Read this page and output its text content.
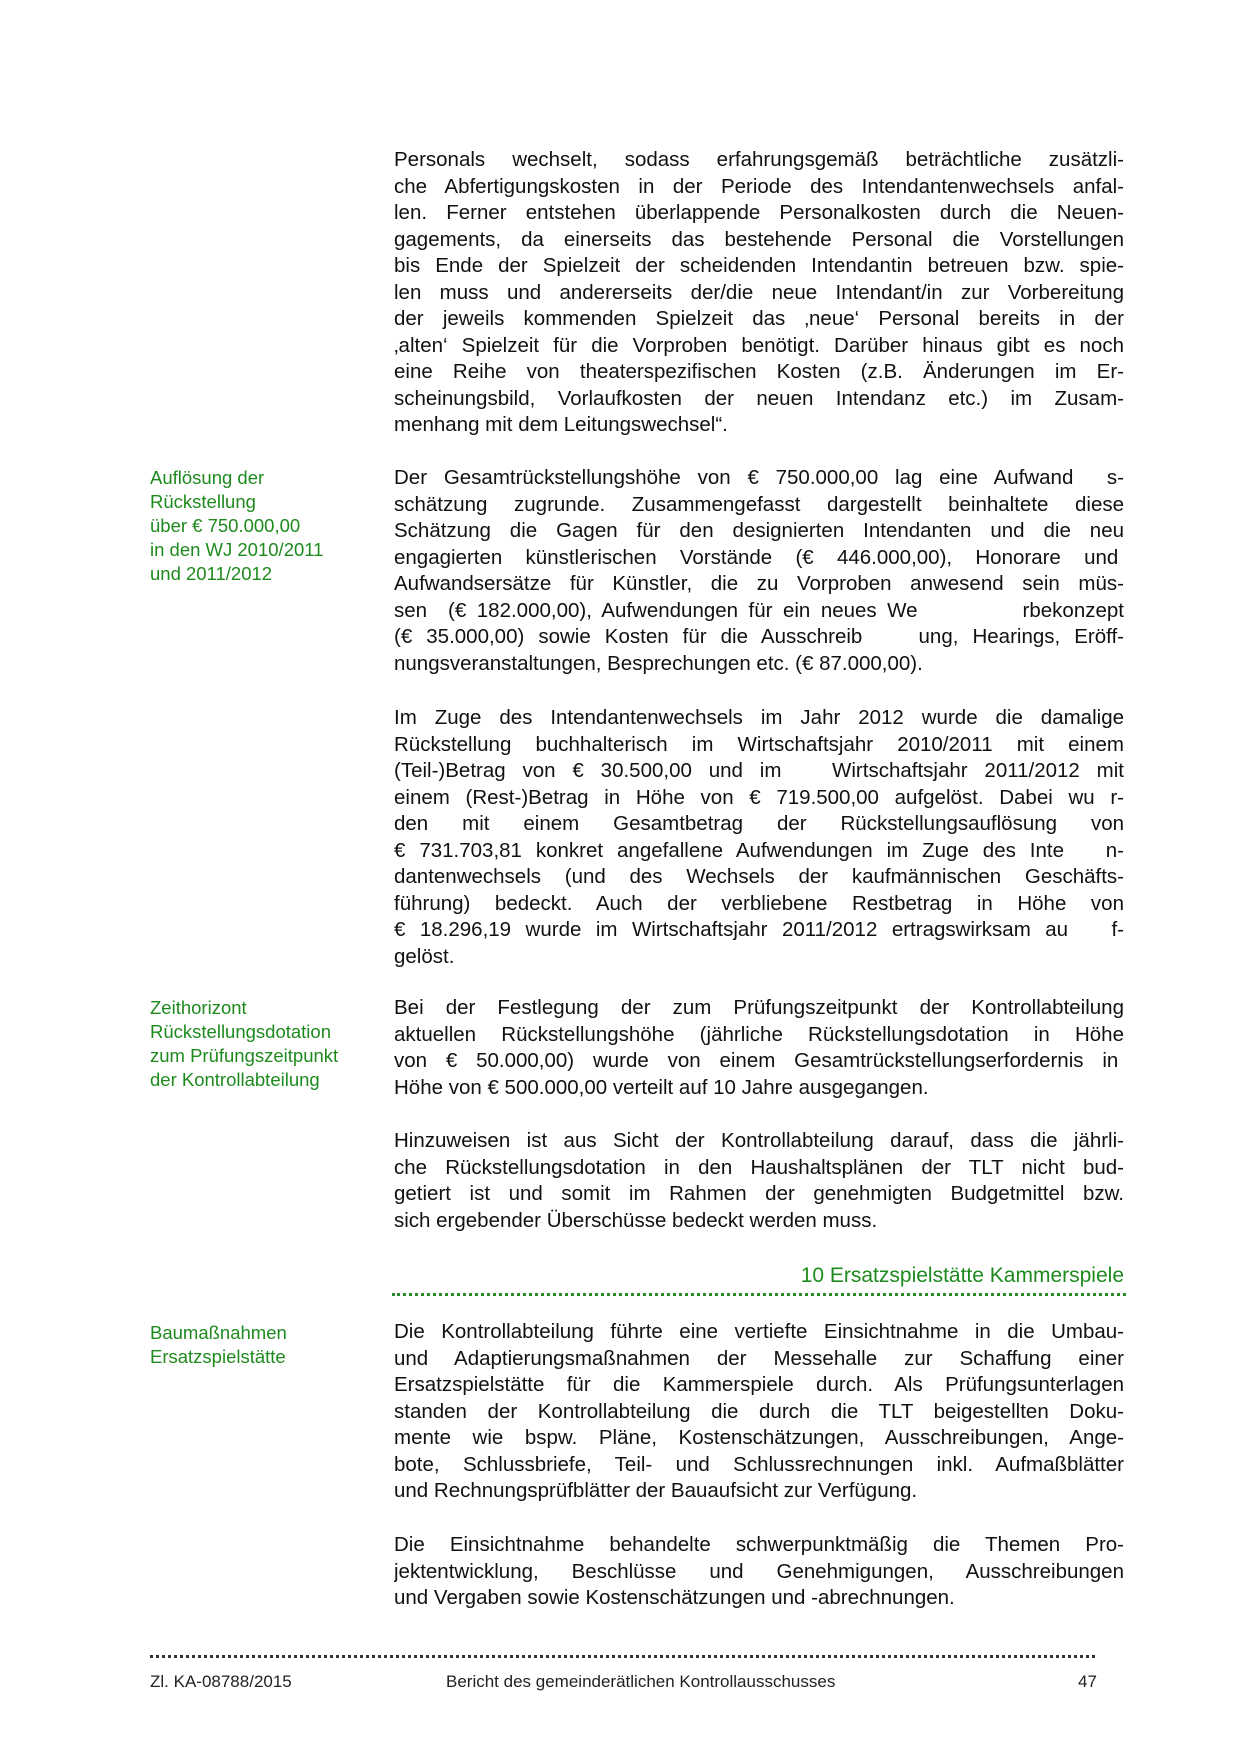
Personals wechselt, sodass erfahrungsgemäß beträchtliche zusätzli-
che Abfertigungskosten in der Periode des Intendantenwechsels anfal-
len. Ferner entstehen überlappende Personalkosten durch die Neuen-
gagements, da einerseits das bestehende Personal die Vorstellungen
bis Ende der Spielzeit der scheidenden Intendantin betreuen bzw. spie-
len muss und andererseits der/die neue Intendant/in zur Vorbereitung
der jeweils kommenden Spielzeit das ‚neue‘ Personal bereits in der
‚alten‘ Spielzeit für die Vorproben benötigt. Darüber hinaus gibt es noch
eine Reihe von theaterspezifischen Kosten (z.B. Änderungen im Er-
scheinungsbild, Vorlaufkosten der neuen Intendanz etc.) im Zusam-
menhang mit dem Leitungswechsel“.
Der Gesamtrückstellungshöhe von € 750.000,00 lag eine Aufwand  s-
schätzung zugrunde. Zusammengefasst dargestellt beinhaltete diese
Schätzung die Gagen für den designierten Intendanten und die neu
engagierten künstlerischen Vorstände (€ 446.000,00), Honorare und
Aufwandsersätze für Künstler, die zu Vorproben anwesend sein müs-
sen  (€ 182.000,00), Aufwendungen für ein neues We          rbekonzept
(€ 35.000,00) sowie Kosten für die Ausschreib    ung, Hearings, Eröff-
nungsveranstaltungen, Besprechungen etc. (€ 87.000,00).
Im Zuge des Intendantenwechsels im Jahr 2012 wurde die damalige
Rückstellung buchhalterisch im Wirtschaftsjahr 2010/2011 mit einem
(Teil-)Betrag von € 30.500,00 und im   Wirtschaftsjahr 2011/2012 mit
einem (Rest-)Betrag in Höhe von € 719.500,00 aufgelöst. Dabei wu r-
den mit einem Gesamtbetrag der Rückstellungsauflösung von
€ 731.703,81 konkret angefallene Aufwendungen im Zuge des Inte   n-
dantenwechsels (und des Wechsels der kaufmännischen Geschäfts-
führung) bedeckt. Auch der verbliebene Restbetrag in Höhe von
€ 18.296,19 wurde im Wirtschaftsjahr 2011/2012 ertragswirksam au   f-
gelöst.
Bei der Festlegung der zum Prüfungszeitpunkt der Kontrollabteilung
aktuellen Rückstellungshöhe (jährliche Rückstellungsdotation in Höhe
von € 50.000,00) wurde von einem Gesamtrückstellungserfordernis in
Höhe von € 500.000,00 verteilt auf 10 Jahre ausgegangen.
Hinzuweisen ist aus Sicht der Kontrollabteilung darauf, dass die jährli-
che Rückstellungsdotation in den Haushaltsplänen der TLT nicht bud-
getiert ist und somit im Rahmen der genehmigten Budgetmittel bzw.
sich ergebender Überschüsse bedeckt werden muss.
Die Kontrollabteilung führte eine vertiefte Einsichtnahme in die Umbau-
und Adaptierungsmaßnahmen der Messehalle zur Schaffung einer
Ersatzspielstätte für die Kammerspiele durch. Als Prüfungsunterlagen
standen der Kontrollabteilung die durch die TLT beigestellten Doku-
mente wie bspw. Pläne, Kostenschätzungen, Ausschreibungen, Ange-
bote, Schlussbriefe, Teil- und Schlussrechnungen inkl. Aufmaßblätter
und Rechnungsprüfblätter der Bauaufsicht zur Verfügung.
Die Einsichtnahme behandelte schwerpunktmäßig die Themen Pro-
jektentwicklung, Beschlüsse und Genehmigungen, Ausschreibungen
und Vergaben sowie Kostenschätzungen und -abrechnungen.
Auflösung der
Rückstellung
über € 750.000,00
in den WJ 2010/2011
und 2011/2012
Zeithorizont
Rückstellungsdotation
zum Prüfungszeitpunkt
der Kontrollabteilung
Baumaßnahmen
Ersatzspielstätte
10 Ersatzspielstätte Kammerspiele
Zl. KA-08788/2015	Bericht des gemeinderätlichen Kontrollausschusses	47
